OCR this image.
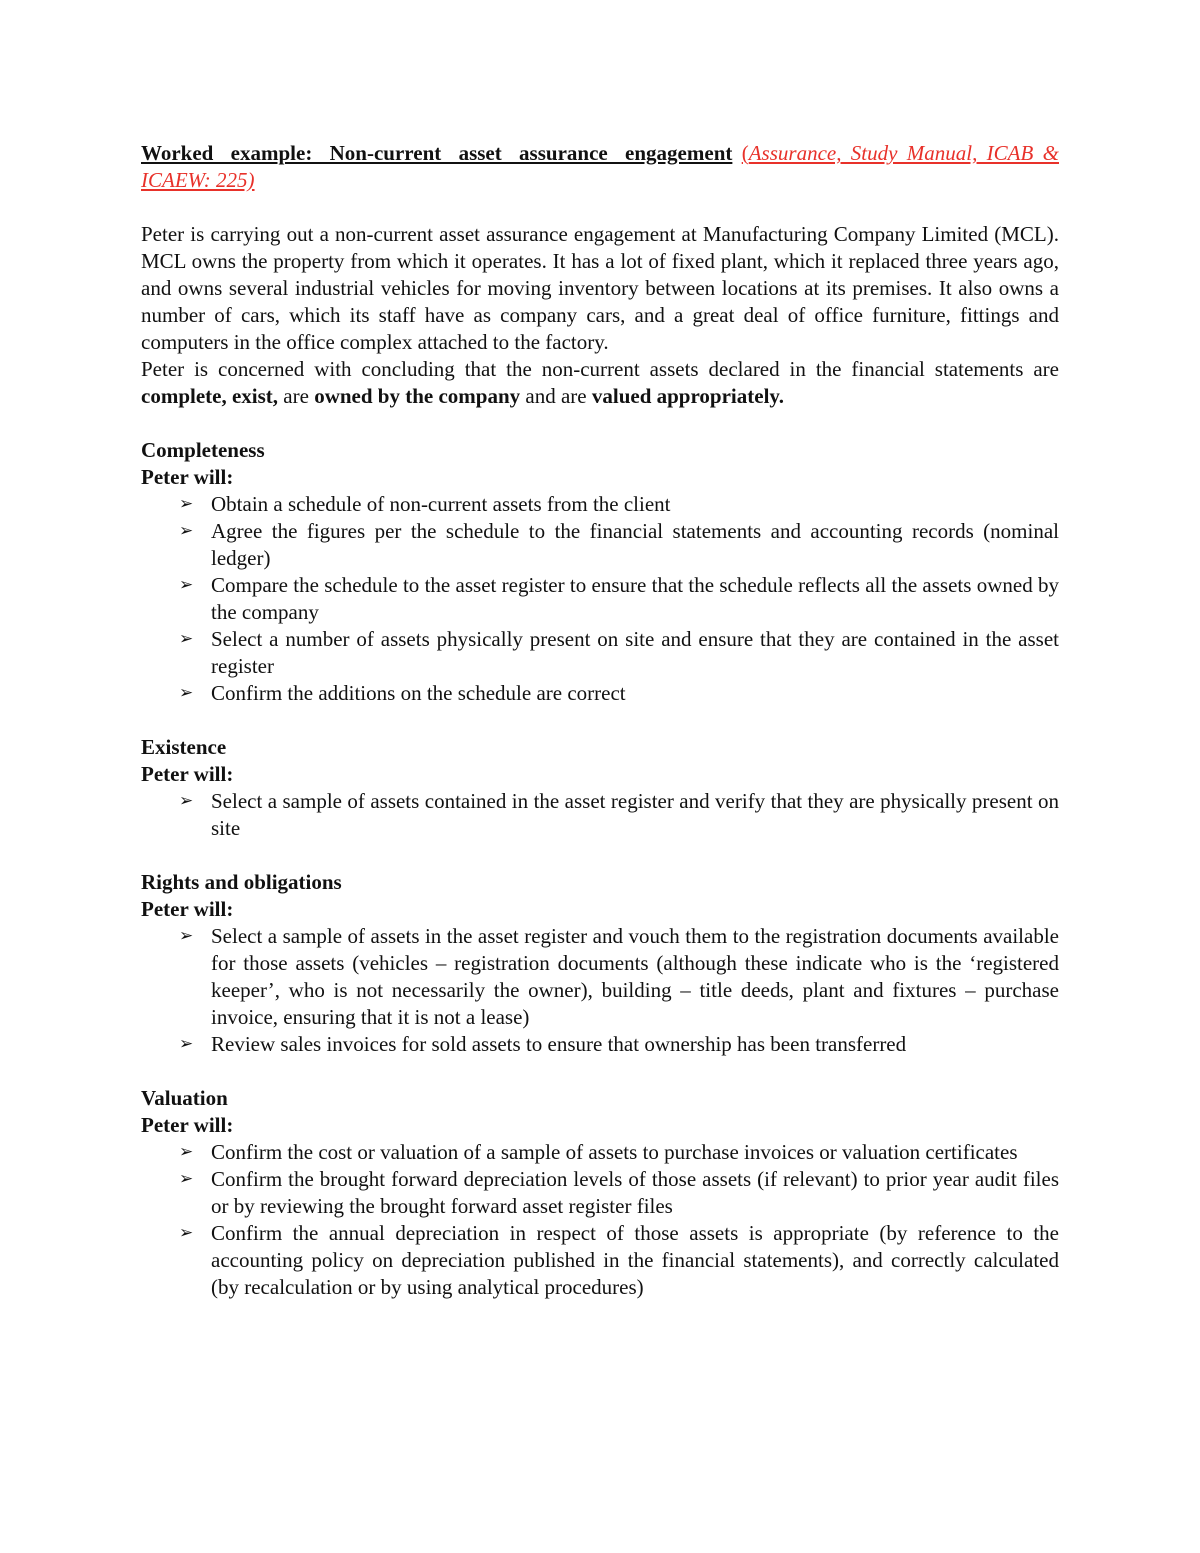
Worked example: Non-current asset assurance engagement (Assurance, Study Manual, ICAB & ICAEW: 225)

Peter is carrying out a non-current asset assurance engagement at Manufacturing Company Limited (MCL). MCL owns the property from which it operates. It has a lot of fixed plant, which it replaced three years ago, and owns several industrial vehicles for moving inventory between locations at its premises. It also owns a number of cars, which its staff have as company cars, and a great deal of office furniture, fittings and computers in the office complex attached to the factory.

Peter is concerned with concluding that the non-current assets declared in the financial statements are complete, exist, are owned by the company and are valued appropriately.

Completeness

Peter will:

➢ Obtain a schedule of non-current assets from the client
➢ Agree the figures per the schedule to the financial statements and accounting records (nominal ledger)
➢ Compare the schedule to the asset register to ensure that the schedule reflects all the assets owned by the company
➢ Select a number of assets physically present on site and ensure that they are contained in the asset register
➢ Confirm the additions on the schedule are correct

Existence

Peter will:

➢ Select a sample of assets contained in the asset register and verify that they are physically present on site

Rights and obligations

Peter will:

➢ Select a sample of assets in the asset register and vouch them to the registration documents available for those assets (vehicles – registration documents (although these indicate who is the ‘registered keeper’, who is not necessarily the owner), building – title deeds, plant and fixtures – purchase invoice, ensuring that it is not a lease)
➢ Review sales invoices for sold assets to ensure that ownership has been transferred

Valuation

Peter will:

➢ Confirm the cost or valuation of a sample of assets to purchase invoices or valuation certificates
➢ Confirm the brought forward depreciation levels of those assets (if relevant) to prior year audit files or by reviewing the brought forward asset register files
➢ Confirm the annual depreciation in respect of those assets is appropriate (by reference to the accounting policy on depreciation published in the financial statements), and correctly calculated (by recalculation or by using analytical procedures)
